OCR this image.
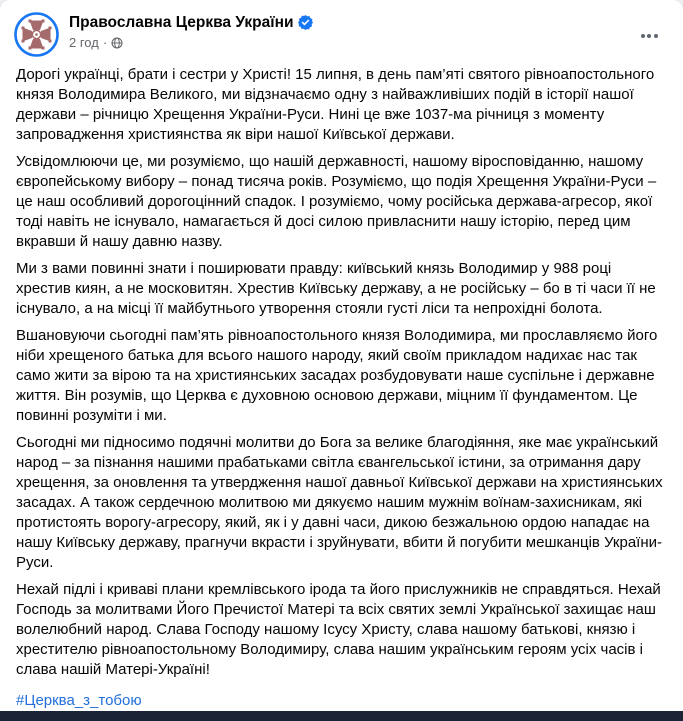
Православна Церква України
2 год ·

Дорогі українці, брати і сестри у Христі! 15 липня, в день пам’яті святого рівноапостольного князя Володимира Великого, ми відзначаємо одну з найважливіших подій в історії нашої держави – річницю Хрещення України-Руси. Нині це вже 1037-ма річниця з моменту запровадження християнства як віри нашої Київської держави.

Усвідомлюючи це, ми розуміємо, що нашій державності, нашому віросповіданню, нашому європейському вибору – понад тисяча років. Розуміємо, що подія Хрещення України-Руси – це наш особливий дорогоцінний спадок. І розуміємо, чому російська держава-агресор, якої тоді навіть не існувало, намагається й досі силою привласнити нашу історію, перед цим вкравши й нашу давню назву.

Ми з вами повинні знати і поширювати правду: київський князь Володимир у 988 році хрестив киян, а не московитян. Хрестив Київську державу, а не російську – бо в ті часи її не існувало, а на місці її майбутнього утворення стояли густі ліси та непрохідні болота.

Вшановуючи сьогодні пам’ять рівноапостольного князя Володимира, ми прославляємо його ніби хрещеного батька для всього нашого народу, який своїм прикладом надихає нас так само жити за вірою та на християнських засадах розбудовувати наше суспільне і державне життя. Він розумів, що Церква є духовною основою держави, міцним її фундаментом. Це повинні розуміти і ми.

Сьогодні ми підносимо подячні молитви до Бога за велике благодіяння, яке має український народ – за пізнання нашими прабатьками світла євангельської істини, за отримання дару хрещення, за оновлення та утвердження нашої давньої Київської держави на християнських засадах. А також сердечною молитвою ми дякуємо нашим мужнім воїнам-захисникам, які протистоять ворогу-агресору, який, як і у давні часи, дикою безжальною ордою нападає на нашу Київську державу, прагнучи вкрасти і зруйнувати, вбити й погубити мешканців України-Руси.

Нехай підлі і криваві плани кремлівського ірода та його прислужників не справдяться. Нехай Господь за молитвами Його Пречистої Матері та всіх святих землі Української захищає наш волелюбний народ. Слава Господу нашому Ісусу Христу, слава нашому батькові, князю і хрестителю рівноапостольному Володимиру, слава нашим українським героям усіх часів і слава нашій Матері-Україні!

#Церква_з_тобою
